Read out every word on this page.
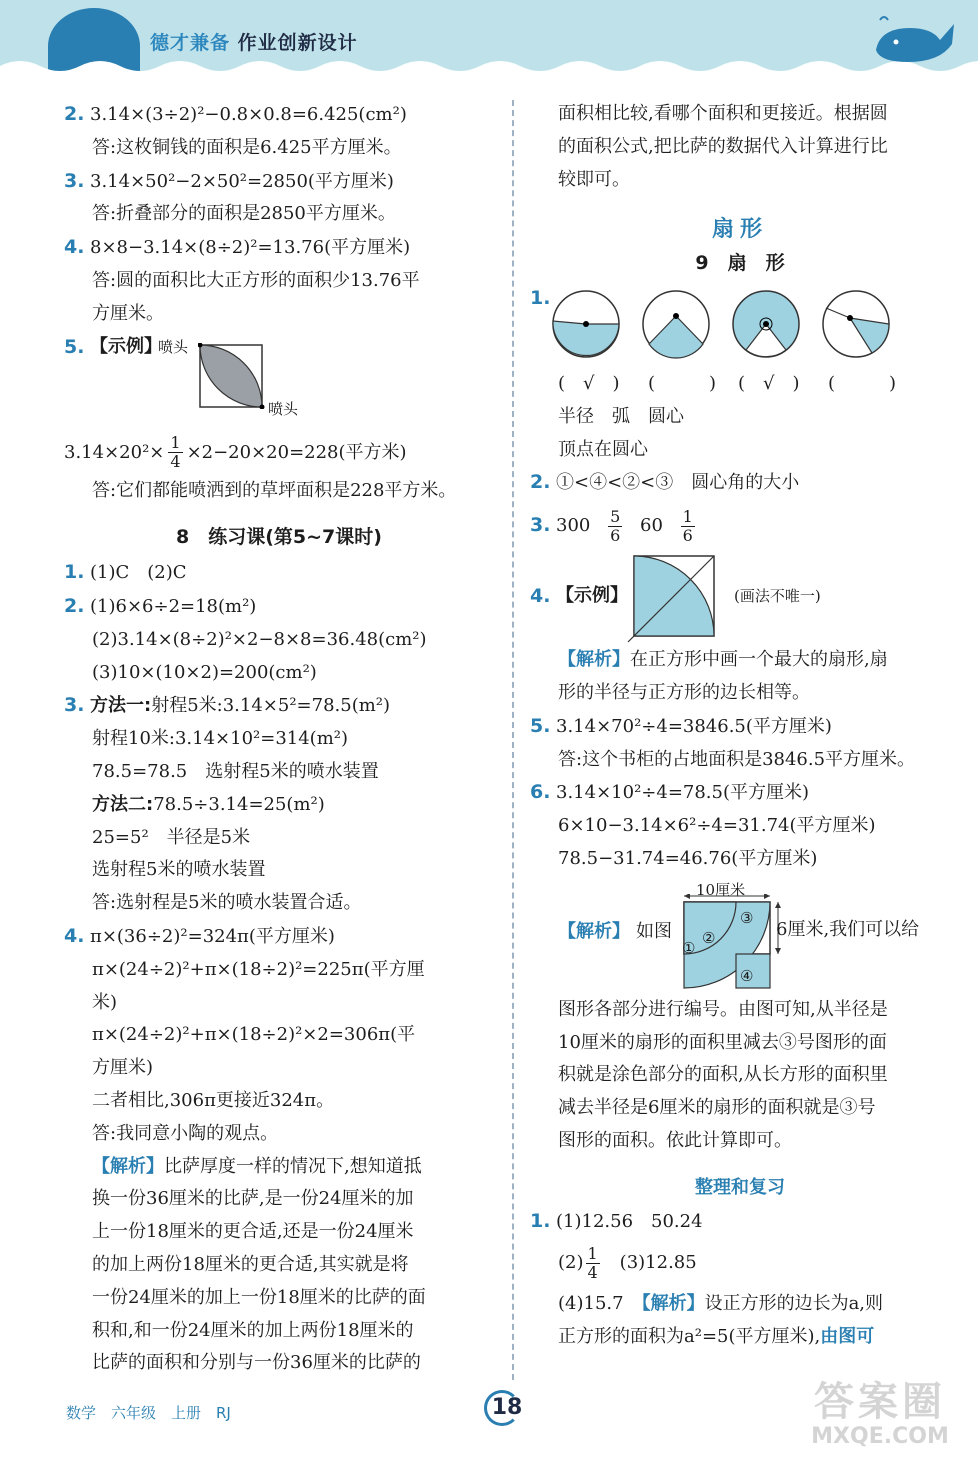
德才兼备 作业创新设计
2. 3.14×(3÷2)²−0.8×0.8=6.425(cm²)
答:这枚铜钱的面积是6.425平方厘米。
3. 3.14×50²−2×50²=2850(平方厘米)
答:折叠部分的面积是2850平方厘米。
4. 8×8−3.14×(8÷2)²=13.76(平方厘米)
答:圆的面积比大正方形的面积少13.76平
方厘米。
5. 【示例】
喷头
喷头
$3.14\times 20^2\times \frac{1}{4} \times 2-20\times 20=228$(平方米)
答:它们都能喷洒到的草坪面积是228平方米。
8　练习课(第5~7课时)
1. (1)C　(2)C
2. (1)6×6÷2=18(m²)
(2)3.14×(8÷2)²×2−8×8=36.48(cm²)
(3)10×(10×2)=200(cm²)
3. 方法一:射程5米:3.14×5²=78.5(m²)
射程10米:3.14×10²=314(m²)
78.5=78.5　选射程5米的喷水装置
方法二:78.5÷3.14=25(m²)
25=5²　半径是5米
选射程5米的喷水装置
答:选射程是5米的喷水装置合适。
4. π×(36÷2)²=324π(平方厘米)
π×(24÷2)²+π×(18÷2)²=225π(平方厘
米)
π×(24÷2)²+π×(18÷2)²×2=306π(平
方厘米)
二者相比,306π更接近324π。
答:我同意小陶的观点。
【解析】比萨厚度一样的情况下,想知道抵
换一份36厘米的比萨,是一份24厘米的加
上一份18厘米的更合适,还是一份24厘米
的加上两份18厘米的更合适,其实就是将
一份24厘米的加上一份18厘米的比萨的面
积和,和一份24厘米的加上两份18厘米的
比萨的面积和分别与一份36厘米的比萨的
面积相比较,看哪个面积和更接近。根据圆
的面积公式,把比萨的数据代入计算进行比
较即可。
扇形
9　扇　形
1.
(　√　) (　　　) (　√　) (　　　)
半径　弧　圆心
顶点在圆心
2. ①<④<②<③　圆心角的大小
3. $300 \frac{5}{6} 60 \frac{1}{6}$
4. 【示例】	(画法不唯一)
【解析】在正方形中画一个最大的扇形,扇
形的半径与正方形的边长相等。
5. 3.14×70²÷4=3846.5(平方厘米)
答:这个书柜的占地面积是3846.5平方厘米。
6. 3.14×10²÷4=78.5(平方厘米)
6×10−3.14×6²÷4=31.74(平方厘米)
78.5−31.74=46.76(平方厘米)
【解析】 如图
10厘米
①
②
③
④
6厘米,我们可以给
图形各部分进行编号。由图可知,从半径是
10厘米的扇形的面积里减去③号图形的面
积就是涂色部分的面积,从长方形的面积里
减去半径是6厘米的扇形的面积就是③号
图形的面积。依此计算即可。
整理和复习
1. (1)12.56　50.24
$(2) \frac{1}{4}$ 　(3)12.85
(4)15.7　【解析】设正方形的边长为a,则
正方形的面积为a²=5(平方厘米),由图可
数学　六年级　上册　RJ	18	答案圈
MXQE.COM
